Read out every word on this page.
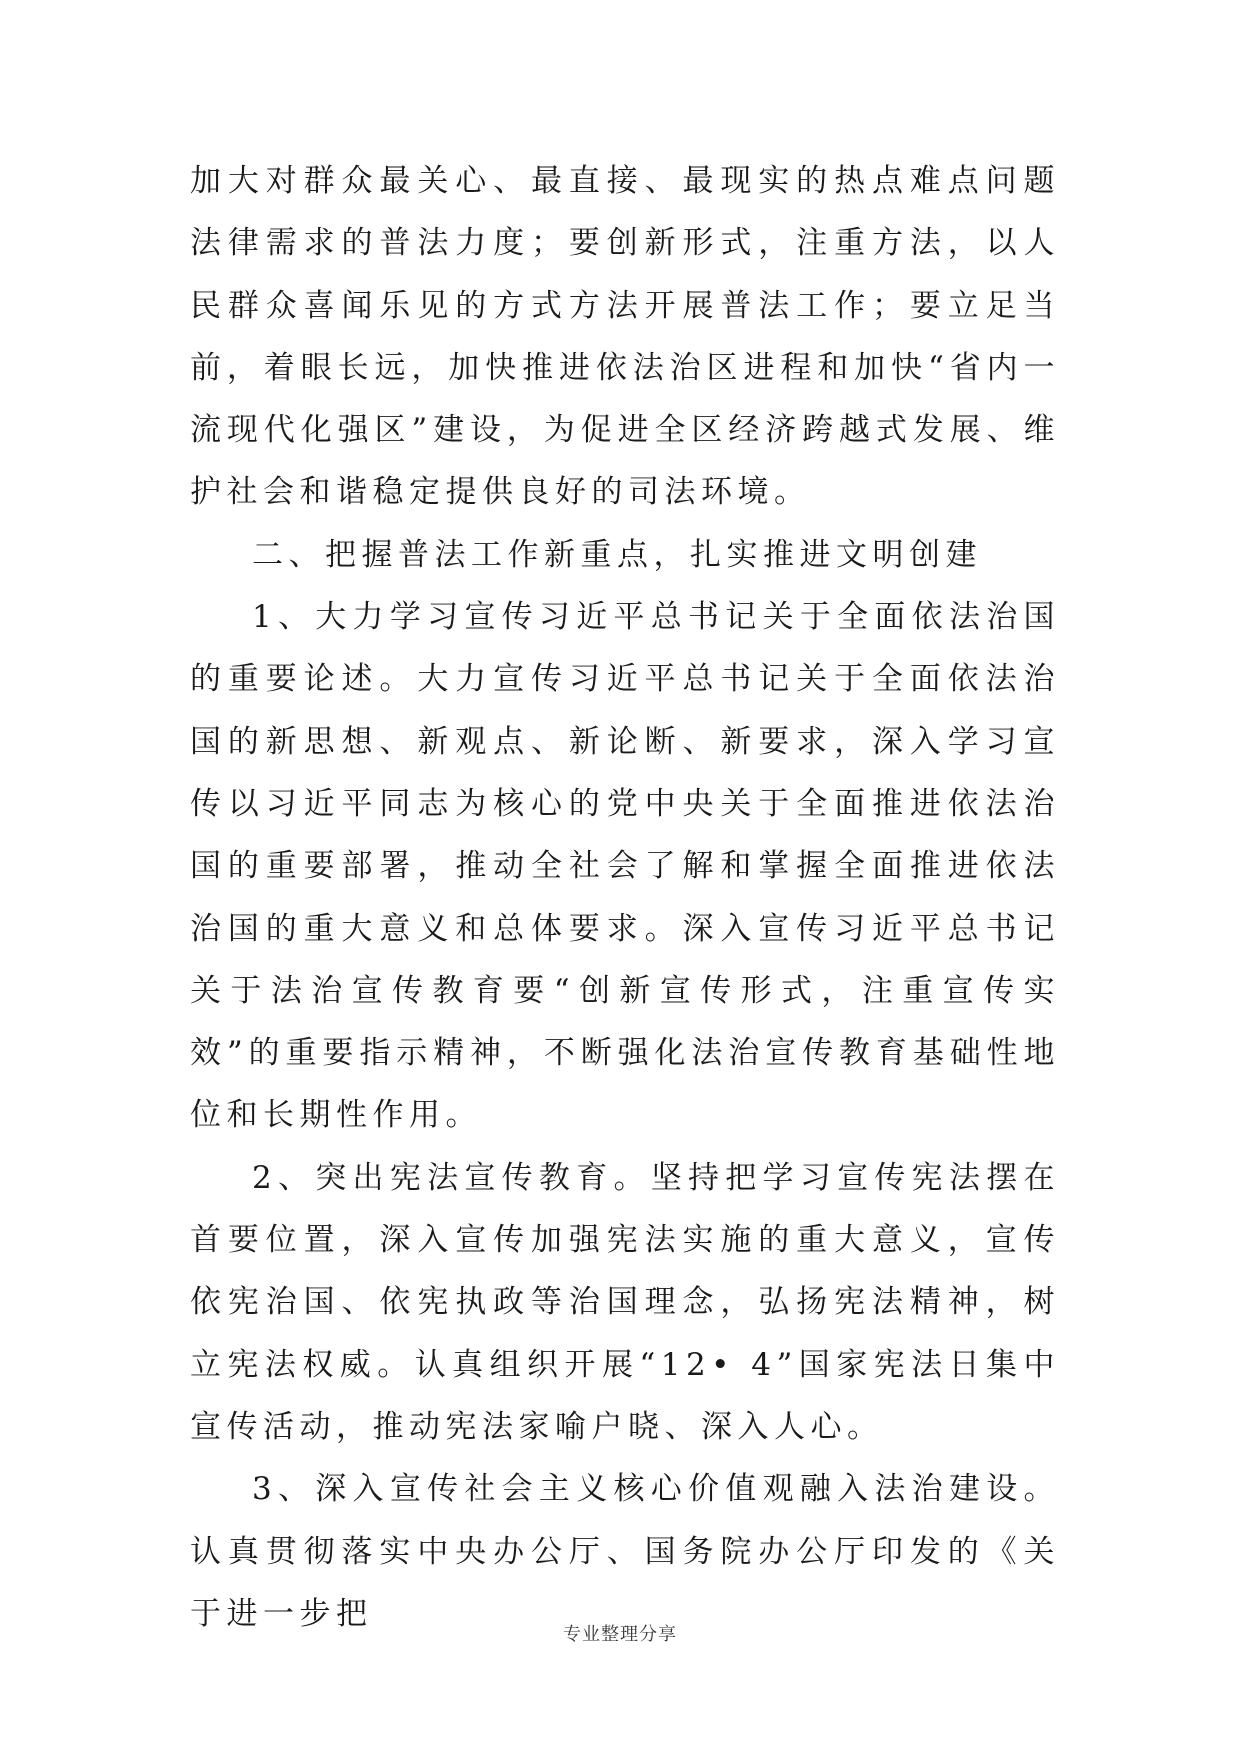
加大对群众最关心、最直接、最现实的热点难点问题法律需求的普法力度；要创新形式，注重方法，以人民群众喜闻乐见的方式方法开展普法工作；要立足当前，着眼长远，加快推进依法治区进程和加快“省内一流现代化强区”建设，为促进全区经济跨越式发展、维护社会和谐稳定提供良好的司法环境。

二、把握普法工作新重点，扎实推进文明创建

1、大力学习宣传习近平总书记关于全面依法治国的重要论述。大力宣传习近平总书记关于全面依法治国的新思想、新观点、新论断、新要求，深入学习宣传以习近平同志为核心的党中央关于全面推进依法治国的重要部署，推动全社会了解和掌握全面推进依法治国的重大意义和总体要求。深入宣传习近平总书记关于法治宣传教育要“创新宣传形式，注重宣传实效”的重要指示精神，不断强化法治宣传教育基础性地位和长期性作用。

2、突出宪法宣传教育。坚持把学习宣传宪法摆在首要位置，深入宣传加强宪法实施的重大意义，宣传依宪治国、依宪执政等治国理念，弘扬宪法精神，树立宪法权威。认真组织开展“12• 4”国家宪法日集中宣传活动，推动宪法家喻户晓、深入人心。

3、深入宣传社会主义核心价值观融入法治建设。认真贯彻落实中央办公厅、国务院办公厅印发的《关于进一步把

专业整理分享
